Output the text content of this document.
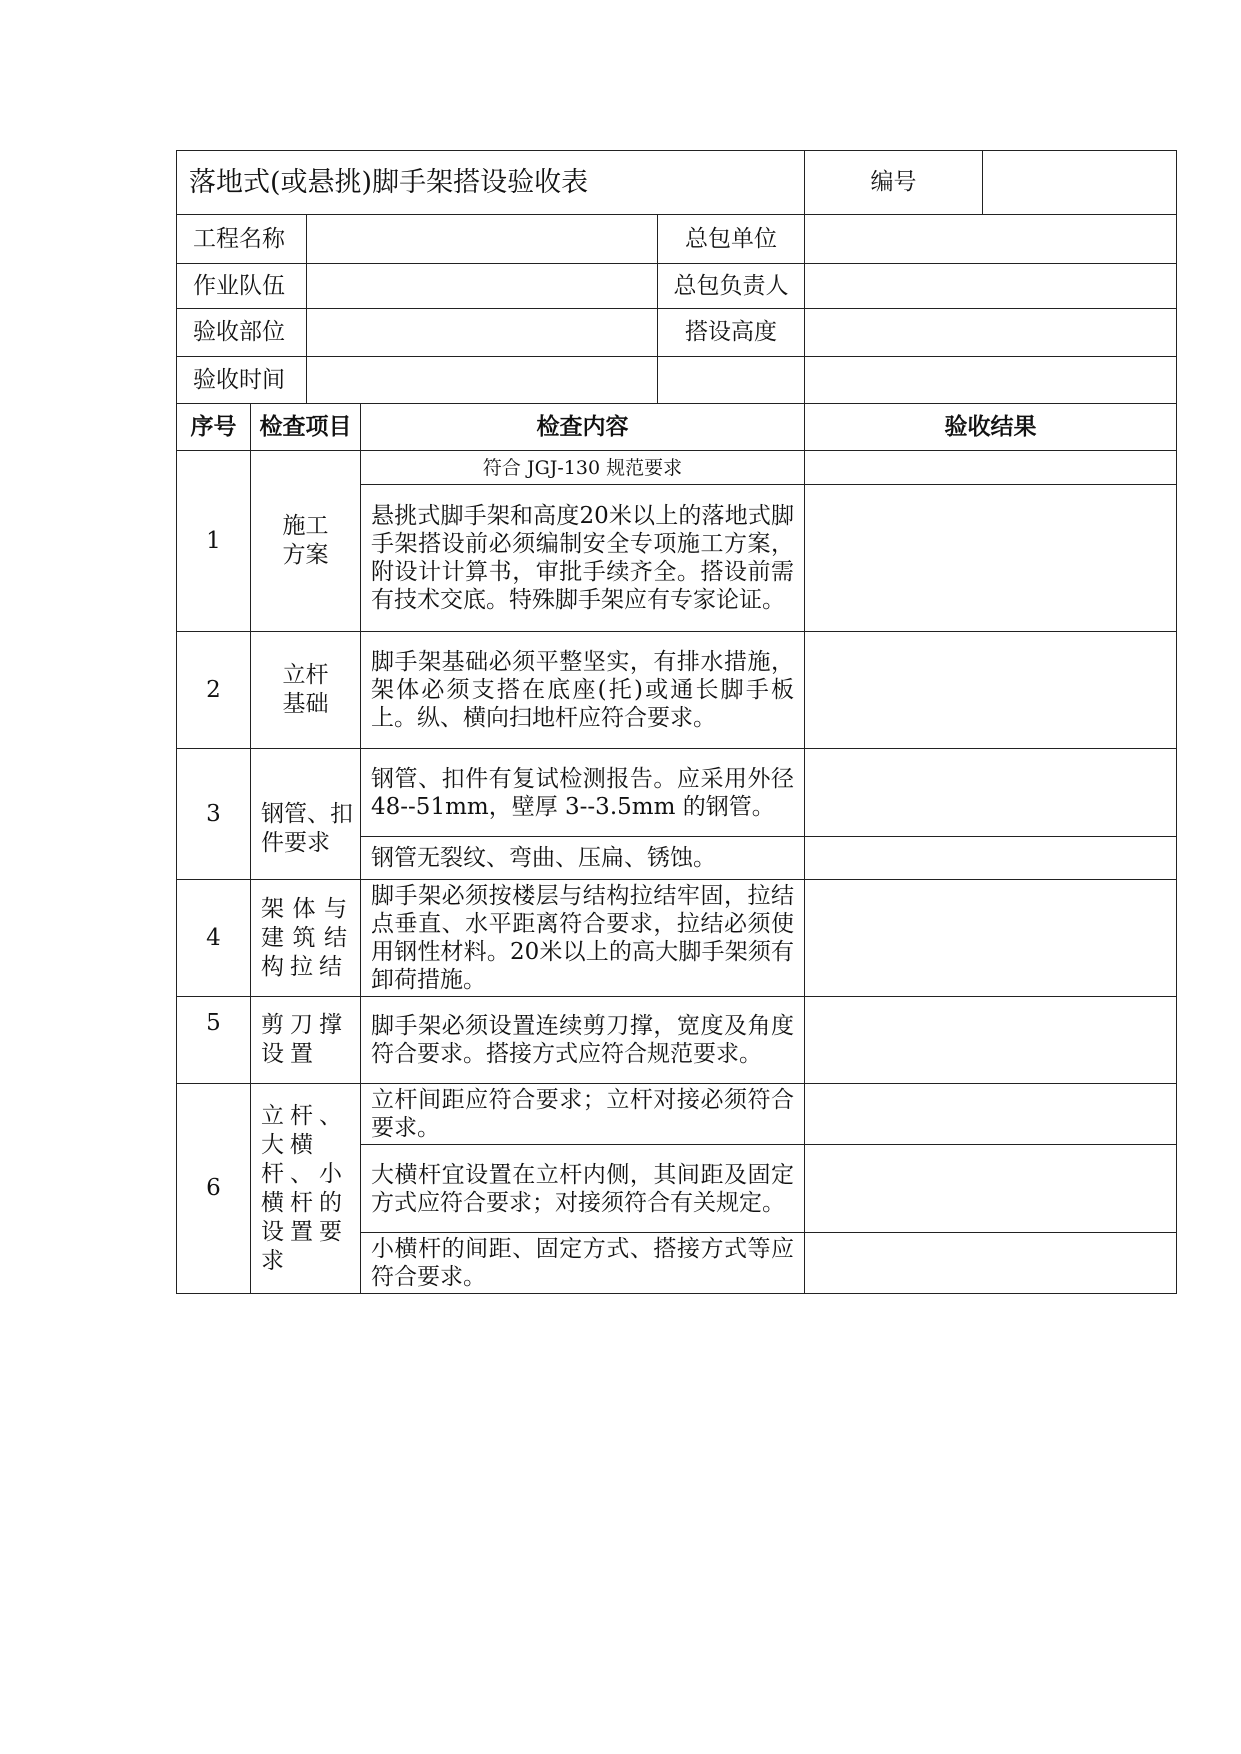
落地式(或悬挑)脚手架搭设验收表					编号	
工程名称				总包单位		
作业队伍				总包负责人		
验收部位				搭设高度		
验收时间						
序号	检查项目		检查内容		验收结果	
1	施工方案		符合 JGJ-130 规范要求			
			悬挑式脚手架和高度20米以上的落地式脚手架搭设前必须编制安全专项施工方案，附设计计算书，审批手续齐全。搭设前需有技术交底。特殊脚手架应有专家论证。			
2	立杆基础		脚手架基础必须平整坚实，有排水措施，架体必须支搭在底座(托)或通长脚手板上。纵、横向扫地杆应符合要求。			
3	钢管、扣件要求		钢管、扣件有复试检测报告。应采用外径 48--51mm，壁厚 3--3.5mm 的钢管。			
			钢管无裂纹、弯曲、压扁、锈蚀。			
4	架体与建筑结构拉结		脚手架必须按楼层与结构拉结牢固，拉结点垂直、水平距离符合要求，拉结必须使用钢性材料。20米以上的高大脚手架须有卸荷措施。			
5	剪刀撑设置		脚手架必须设置连续剪刀撑，宽度及角度符合要求。搭接方式应符合规范要求。			
6	立杆、大横杆、小横杆的设置要求		立杆间距应符合要求；立杆对接必须符合要求。			
			大横杆宜设置在立杆内侧，其间距及固定方式应符合要求；对接须符合有关规定。			
			小横杆的间距、固定方式、搭接方式等应符合要求。			
